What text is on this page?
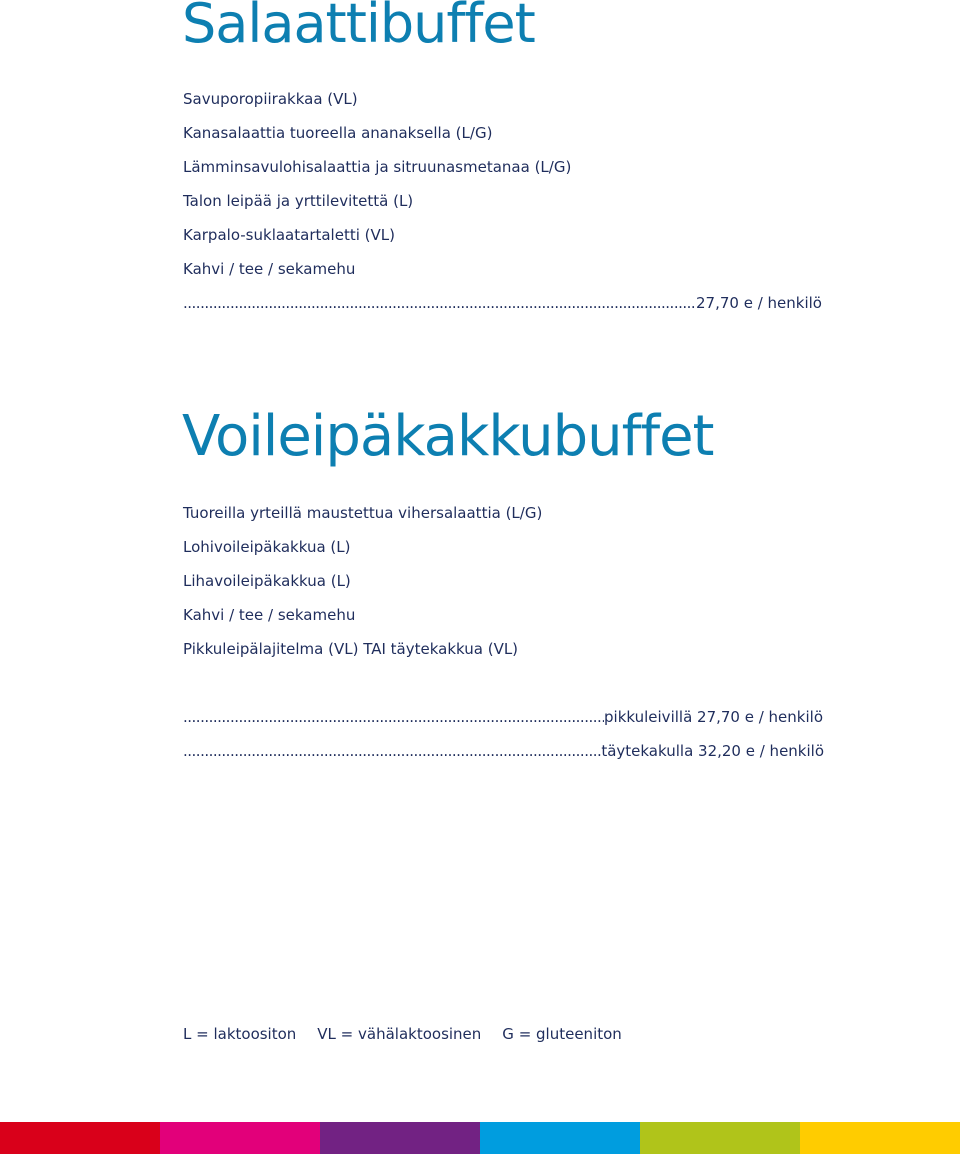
Salaattibuffet
Savuporopiirakkaa (VL)
Kanasalaattia tuoreella ananaksella (L/G)
Lämminsavulohisalaattia ja sitruunasmetanaa (L/G)
Talon leipää ja yrttilevitettä (L)
Karpalo-suklaatartaletti (VL)
Kahvi / tee / sekamehu
.....
27,70 e / henkilö
Voileipäkakkubuffet
Tuoreilla yrteillä maustettua vihersalaattia (L/G)
Lohivoileipäkakkua (L)
Lihavoileipäkakkua (L)
Kahvi / tee / sekamehu
Pikkuleipälajitelma (VL) TAI täytekakkua (VL)
.....
pikkuleivillä 27,70 e / henkilö
.....
täytekakulla 32,20 e / henkilö
L = laktoositon VL = vähälaktoosinen G = gluteeniton
